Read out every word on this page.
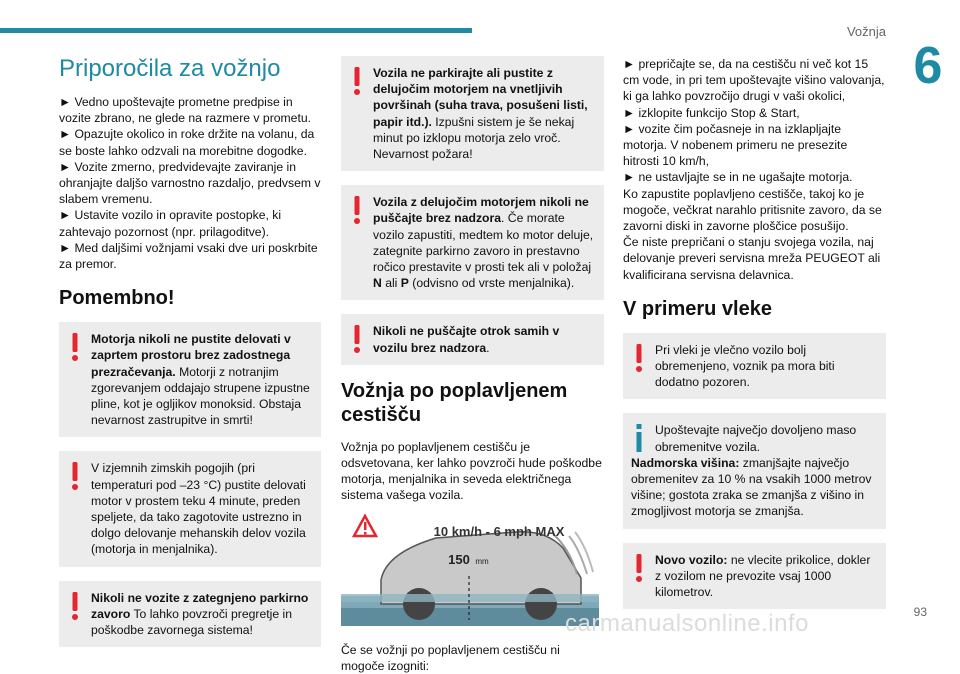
Vožnja
6
Priporočila za vožnjo

► Vedno upoštevajte prometne predpise in vozite zbrano, ne glede na razmere v prometu.

► Opazujte okolico in roke držite na volanu, da se boste lahko odzvali na morebitne dogodke.

► Vozite zmerno, predvidevajte zaviranje in ohranjajte daljšo varnostno razdaljo, predvsem v slabem vremenu.

► Ustavite vozilo in opravite postopke, ki zahtevajo pozornost (npr. prilagoditve).

► Med daljšimi vožnjami vsaki dve uri poskrbite za premor.

Pomembno!
Motorja nikoli ne pustite delovati v zaprtem prostoru brez zadostnega prezračevanja. Motorji z notranjim zgorevanjem oddajajo strupene izpustne pline, kot je ogljikov monoksid. Obstaja nevarnost zastrupitve in smrti!
V izjemnih zimskih pogojih (pri temperaturi pod –23 °C) pustite delovati motor v prostem teku 4 minute, preden speljete, da tako zagotovite ustrezno in dolgo delovanje mehanskih delov vozila (motorja in menjalnika).
Nikoli ne vozite z zategnjeno parkirno zavoro To lahko povzroči pregretje in poškodbe zavornega sistema!
Vozila ne parkirajte ali pustite z delujočim motorjem na vnetljivih površinah (suha trava, posušeni listi, papir itd.). Izpušni sistem je še nekaj minut po izklopu motorja zelo vroč. Nevarnost požara!
Vozila z delujočim motorjem nikoli ne puščajte brez nadzora. Če morate vozilo zapustiti, medtem ko motor deluje, zategnite parkirno zavoro in prestavno ročico prestavite v prosti tek ali v položaj N ali P (odvisno od vrste menjalnika).
Nikoli ne puščajte otrok samih v vozilu brez nadzora.
Vožnja po poplavljenem cestišču

Vožnja po poplavljenem cestišču je odsvetovana, ker lahko povzroči hude poškodbe motorja, menjalnika in seveda električnega sistema vašega vozila.

10 km/h - 6 mph MAX
150 mm

Če se vožnji po poplavljenem cestišču ni mogoče izogniti:

► prepričajte se, da na cestišču ni več kot 15 cm vode, in pri tem upoštevajte višino valovanja, ki ga lahko povzročijo drugi v vaši okolici,

► izklopite funkcijo Stop & Start,

► vozite čim počasneje in na izklapljajte motorja. V nobenem primeru ne presezite hitrosti 10 km/h,

► ne ustavljajte se in ne ugašajte motorja.

Ko zapustite poplavljeno cestišče, takoj ko je mogoče, večkrat narahlo pritisnite zavoro, da se zavorni diski in zavorne ploščice posušijo.

Če niste prepričani o stanju svojega vozila, naj delovanje preveri servisna mreža PEUGEOT ali kvalificirana servisna delavnica.

V primeru vleke
Pri vleki je vlečno vozilo bolj obremenjeno, voznik pa mora biti dodatno pozoren.
Upoštevajte največjo dovoljeno maso obremenitve vozila.
Nadmorska višina: zmanjšajte največjo obremenitev za 10 % na vsakih 1000 metrov višine; gostota zraka se zmanjša z višino in zmogljivost motorja se zmanjša.
Novo vozilo: ne vlecite prikolice, dokler z vozilom ne prevozite vsaj 1000 kilometrov.
carmanualsonline.info	93
